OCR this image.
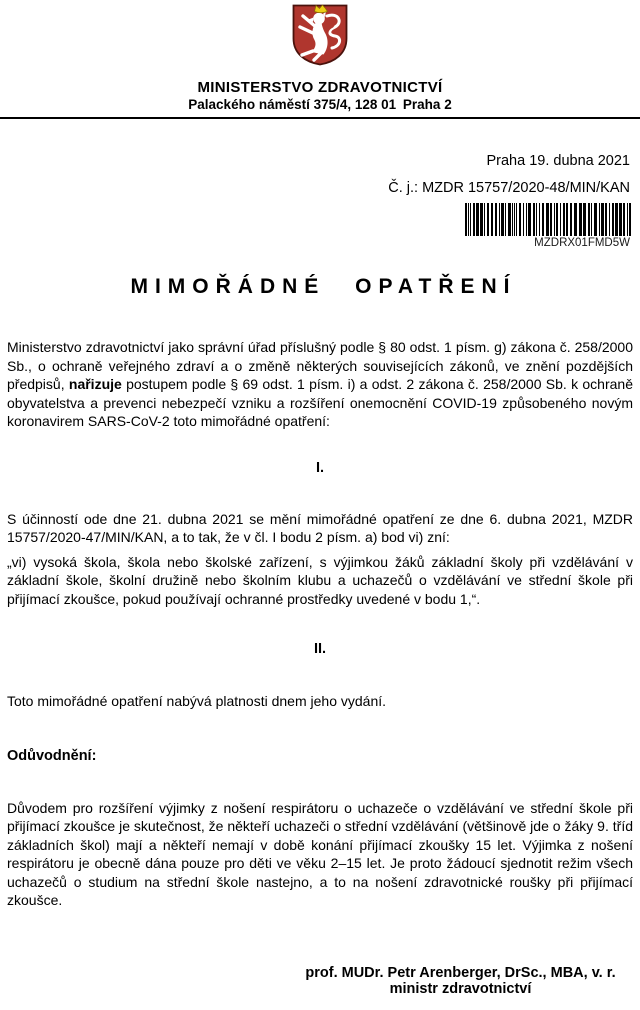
MINISTERSTVO ZDRAVOTNICTVÍ
Palackého náměstí 375/4, 128 01 Praha 2
Praha 19. dubna 2021
Č. j.: MZDR 15757/2020-48/MIN/KAN
MZDRX01FMD5W
MIMOŘÁDNÉ OPATŘENÍ

Ministerstvo zdravotnictví jako správní úřad příslušný podle § 80 odst. 1 písm. g) zákona č. 258/2000 Sb., o ochraně veřejného zdraví a o změně některých souvisejících zákonů, ve znění pozdějších předpisů, nařizuje postupem podle § 69 odst. 1 písm. i) a odst. 2 zákona č. 258/2000 Sb. k ochraně obyvatelstva a prevenci nebezpečí vzniku a rozšíření onemocnění COVID-19 způsobeného novým koronavirem SARS-CoV-2 toto mimořádné opatření:

I.

S účinností ode dne 21. dubna 2021 se mění mimořádné opatření ze dne 6. dubna 2021, MZDR 15757/2020-47/MIN/KAN, a to tak, že v čl. I bodu 2 písm. a) bod vi) zní:

„vi) vysoká škola, škola nebo školské zařízení, s výjimkou žáků základní školy při vzdělávání v základní škole, školní družině nebo školním klubu a uchazečů o vzdělávání ve střední škole při přijímací zkoušce, pokud používají ochranné prostředky uvedené v bodu 1,“.

II.

Toto mimořádné opatření nabývá platnosti dnem jeho vydání.

Odůvodnění:

Důvodem pro rozšíření výjimky z nošení respirátoru o uchazeče o vzdělávání ve střední škole při přijímací zkoušce je skutečnost, že někteří uchazeči o střední vzdělávání (většinově jde o žáky 9. tříd základních škol) mají a někteří nemají v době konání přijímací zkoušky 15 let. Výjimka z nošení respirátoru je obecně dána pouze pro děti ve věku 2–15 let. Je proto žádoucí sjednotit režim všech uchazečů o studium na střední škole nastejno, a to na nošení zdravotnické roušky při přijímací zkoušce.

prof. MUDr. Petr Arenberger, DrSc., MBA, v. r.
ministr zdravotnictví
